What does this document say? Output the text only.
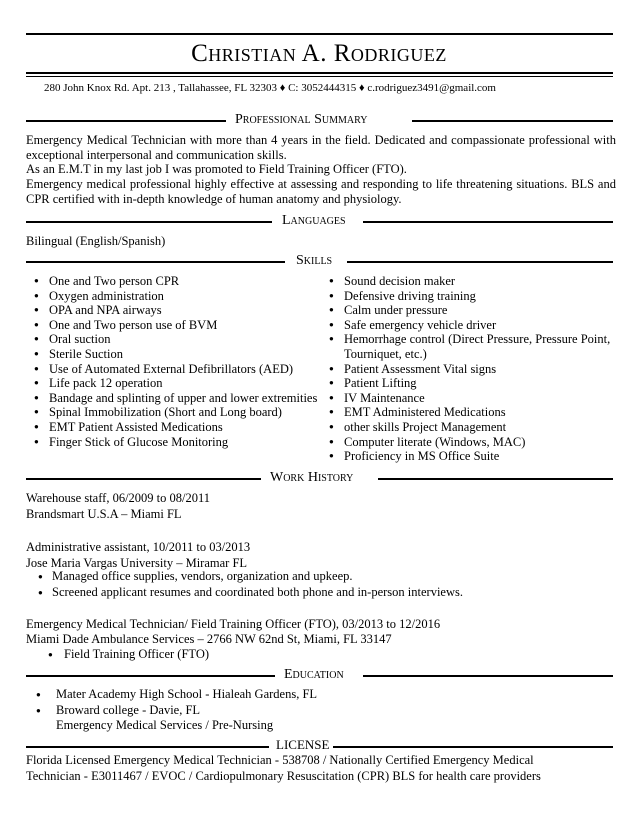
Christian A. Rodriguez
280 John Knox Rd. Apt. 213 , Tallahassee, FL 32303 ♦ C: 3052444315 ♦ c.rodriguez3491@gmail.com
Professional Summary
Emergency Medical Technician with more than 4 years in the field. Dedicated and compassionate professional with exceptional interpersonal and communication skills.
As an E.M.T in my last job I was promoted to Field Training Officer (FTO).
Emergency medical professional highly effective at assessing and responding to life threatening situations. BLS and CPR certified with in-depth knowledge of human anatomy and physiology.
Languages
Bilingual (English/Spanish)
Skills
● One and Two person CPR
● Oxygen administration
● OPA and NPA airways
● One and Two person use of BVM
● Oral suction
● Sterile Suction
● Use of Automated External Defibrillators (AED)
● Life pack 12 operation
● Bandage and splinting of upper and lower extremities
● Spinal Immobilization (Short and Long board)
● EMT Patient Assisted Medications
● Finger Stick of Glucose Monitoring
● Sound decision maker
● Defensive driving training
● Calm under pressure
● Safe emergency vehicle driver
● Hemorrhage control (Direct Pressure, Pressure Point,
Tourniquet, etc.)
● Patient Assessment Vital signs
● Patient Lifting
● IV Maintenance
● EMT Administered Medications
● other skills Project Management
● Computer literate (Windows, MAC)
● Proficiency in MS Office Suite
Work History
Warehouse staff, 06/2009 to 08/2011
Brandsmart U.S.A – Miami FL
Administrative assistant, 10/2011 to 03/2013
Jose Maria Vargas University – Miramar FL
● Managed office supplies, vendors, organization and upkeep.
● Screened applicant resumes and coordinated both phone and in-person interviews.
Emergency Medical Technician/ Field Training Officer (FTO), 03/2013 to 12/2016
Miami Dade Ambulance Services – 2766 NW 62nd St, Miami, FL 33147
● Field Training Officer (FTO)
Education
● Mater Academy High School - Hialeah Gardens, FL
● Broward college - Davie, FL
Emergency Medical Services / Pre-Nursing
LICENSE
Florida Licensed Emergency Medical Technician - 538708 / Nationally Certified Emergency Medical
Technician - E3011467 / EVOC / Cardiopulmonary Resuscitation (CPR) BLS for health care providers
